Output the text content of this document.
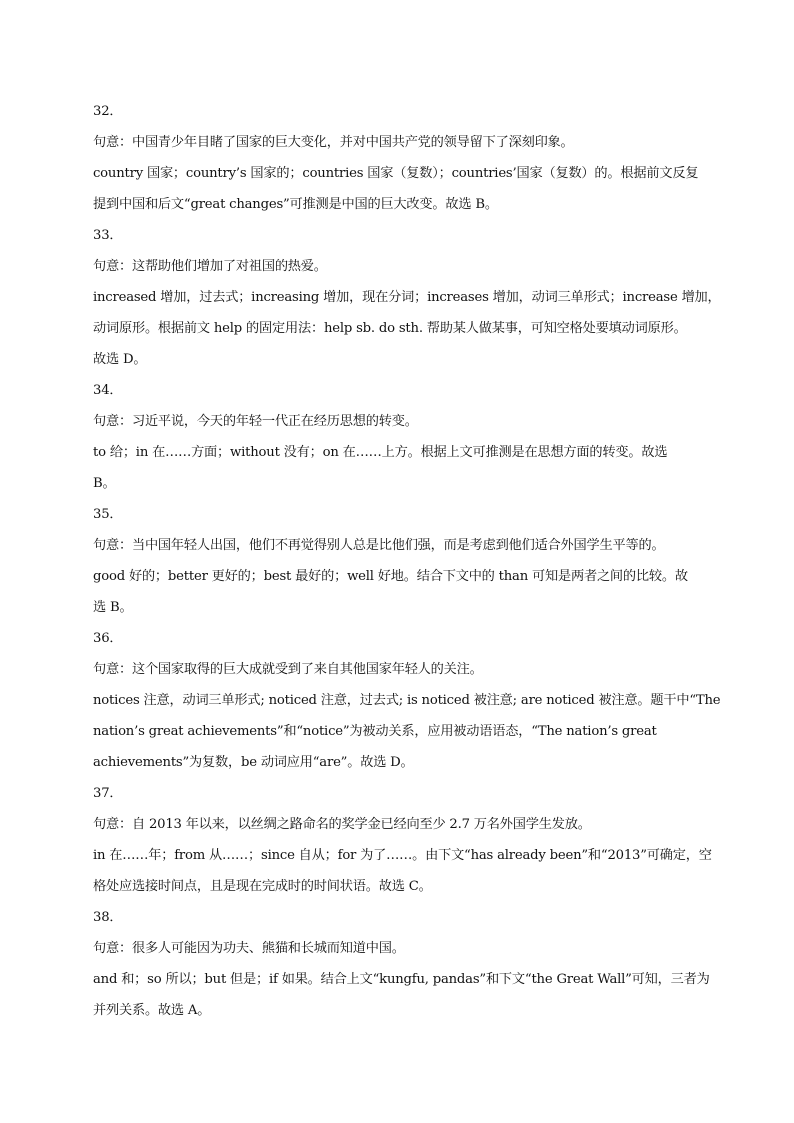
32．
句意：中国青少年目睹了国家的巨大变化，并对中国共产党的领导留下了深刻印象。
country 国家；country’s 国家的；countries 国家（复数）；countries’国家（复数）的。根据前文反复
提到中国和后文“great changes”可推测是中国的巨大改变。故选 B。
33．
句意：这帮助他们增加了对祖国的热爱。
increased 增加，过去式；increasing 增加，现在分词；increases 增加，动词三单形式；increase 增加，
动词原形。根据前文 help 的固定用法：help sb. do sth. 帮助某人做某事，可知空格处要填动词原形。
故选 D。
34．
句意：习近平说，今天的年轻一代正在经历思想的转变。
to 给；in 在……方面；without 没有；on 在……上方。根据上文可推测是在思想方面的转变。故选
B。
35．
句意：当中国年轻人出国，他们不再觉得别人总是比他们强，而是考虑到他们适合外国学生平等的。
good 好的；better 更好的；best 最好的；well 好地。结合下文中的 than 可知是两者之间的比较。故
选 B。
36．
句意：这个国家取得的巨大成就受到了来自其他国家年轻人的关注。
notices 注意，动词三单形式; noticed 注意，过去式; is noticed 被注意; are noticed 被注意。题干中“The
nation’s great achievements”和“notice”为被动关系，应用被动语语态，“The nation’s great
achievements”为复数，be 动词应用“are”。故选 D。
37．
句意：自 2013 年以来，以丝绸之路命名的奖学金已经向至少 2.7 万名外国学生发放。
in 在……年；from 从……；since 自从；for 为了……。由下文“has already been”和“2013”可确定，空
格处应选接时间点，且是现在完成时的时间状语。故选 C。
38．
句意：很多人可能因为功夫、熊猫和长城而知道中国。
and 和；so 所以；but 但是；if 如果。结合上文“kungfu, pandas”和下文“the Great Wall”可知，三者为
并列关系。故选 A。
